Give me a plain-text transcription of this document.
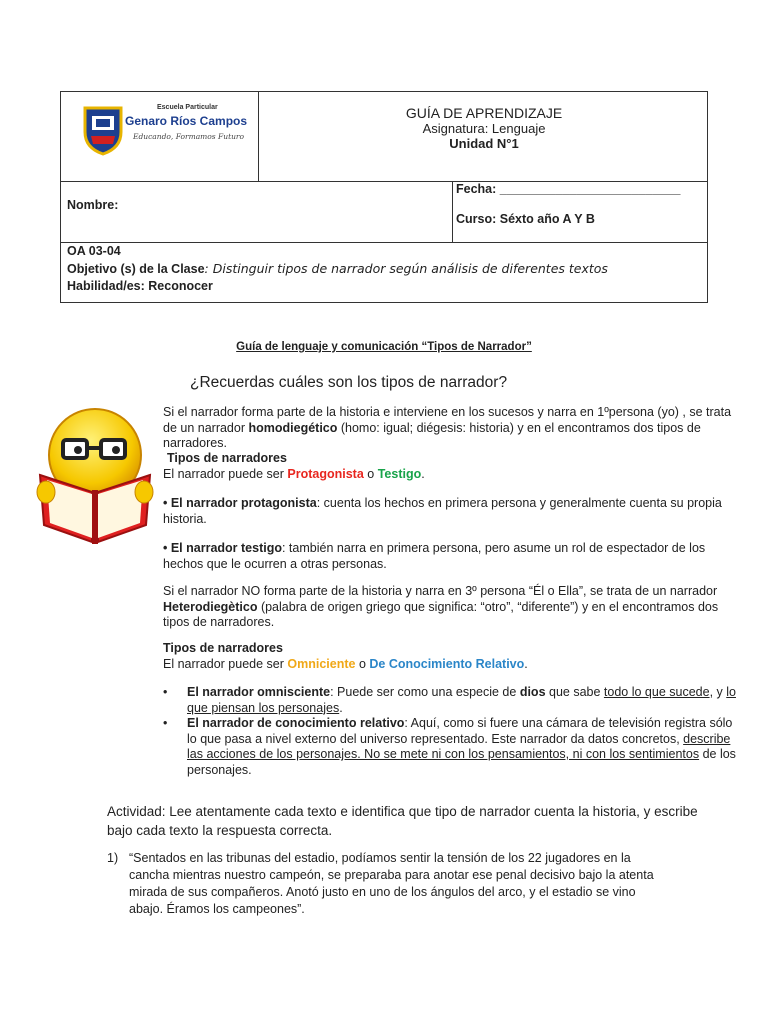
Escuela Particular
Genaro Ríos Campos
Educando, Formamos Futuro
GUÍA DE APRENDIZAJE
Asignatura: Lenguaje
Unidad N°1
Nombre:
Fecha: __________________________
Curso: Séxto año A Y B
OA 03-04
Objetivo (s) de la Clase: Distinguir tipos de narrador según análisis de diferentes textos
Habilidad/es: Reconocer
Guía de lenguaje y comunicación “Tipos de Narrador”
¿Recuerdas cuáles son los tipos de narrador?
Si el narrador forma parte de la historia e interviene en los sucesos y narra en 1ºpersona (yo) , se trata de un narrador homodiegético (homo: igual; diégesis: historia) y en el encontramos dos tipos de narradores.
Tipos de narradores
El narrador puede ser Protagonista o Testigo.
• El narrador protagonista: cuenta los hechos en primera persona y generalmente cuenta su propia historia.
• El narrador testigo: también narra en primera persona, pero asume un rol de espectador de los hechos que le ocurren a otras personas.
Si el narrador NO forma parte de la historia y narra en 3º persona “Él o Ella”, se trata de un narrador Heterodiegètico (palabra de origen griego que significa: “otro”, “diferente”) y en el encontramos dos tipos de narradores.
Tipos de narradores
El narrador puede ser Omniciente o De Conocimiento Relativo.
• El narrador omnisciente: Puede ser como una especie de dios que sabe todo lo que sucede, y lo que piensan los personajes.
• El narrador de conocimiento relativo: Aquí, como si fuere una cámara de televisión registra sólo lo que pasa a nivel externo del universo representado. Este narrador da datos concretos, describe las acciones de los personajes. No se mete ni con los pensamientos, ni con los sentimientos de los personajes.
Actividad: Lee atentamente cada texto e identifica que tipo de narrador cuenta la historia, y escribe bajo cada texto la respuesta correcta.
1) “Sentados en las tribunas del estadio, podíamos sentir la tensión de los 22 jugadores en la cancha mientras nuestro campeón, se preparaba para anotar ese penal decisivo bajo la atenta mirada de sus compañeros. Anotó justo en uno de los ángulos del arco, y el estadio se vino abajo. Éramos los campeones”.
